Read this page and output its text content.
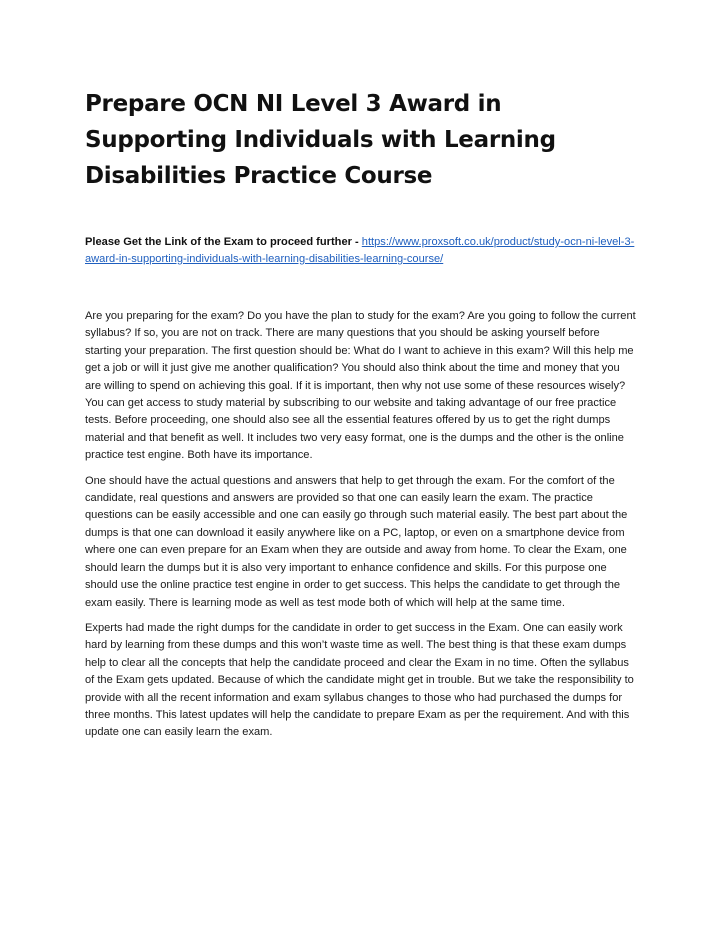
Prepare OCN NI Level 3 Award in Supporting Individuals with Learning Disabilities Practice Course

Please Get the Link of the Exam to proceed further - https://www.proxsoft.co.uk/product/study-ocn-ni-level-3-award-in-supporting-individuals-with-learning-disabilities-learning-course/

Are you preparing for the exam? Do you have the plan to study for the exam? Are you going to follow the current syllabus? If so, you are not on track. There are many questions that you should be asking yourself before starting your preparation. The first question should be: What do I want to achieve in this exam? Will this help me get a job or will it just give me another qualification? You should also think about the time and money that you are willing to spend on achieving this goal. If it is important, then why not use some of these resources wisely? You can get access to study material by subscribing to our website and taking advantage of our free practice tests. Before proceeding, one should also see all the essential features offered by us to get the right dumps material and that benefit as well. It includes two very easy format, one is the dumps and the other is the online practice test engine. Both have its importance.

One should have the actual questions and answers that help to get through the exam. For the comfort of the candidate, real questions and answers are provided so that one can easily learn the exam. The practice questions can be easily accessible and one can easily go through such material easily. The best part about the dumps is that one can download it easily anywhere like on a PC, laptop, or even on a smartphone device from where one can even prepare for an Exam when they are outside and away from home. To clear the Exam, one should learn the dumps but it is also very important to enhance confidence and skills. For this purpose one should use the online practice test engine in order to get success. This helps the candidate to get through the exam easily. There is learning mode as well as test mode both of which will help at the same time.

Experts had made the right dumps for the candidate in order to get success in the Exam. One can easily work hard by learning from these dumps and this won’t waste time as well. The best thing is that these exam dumps help to clear all the concepts that help the candidate proceed and clear the Exam in no time. Often the syllabus of the Exam gets updated. Because of which the candidate might get in trouble. But we take the responsibility to provide with all the recent information and exam syllabus changes to those who had purchased the dumps for three months. This latest updates will help the candidate to prepare Exam as per the requirement. And with this update one can easily learn the exam.
